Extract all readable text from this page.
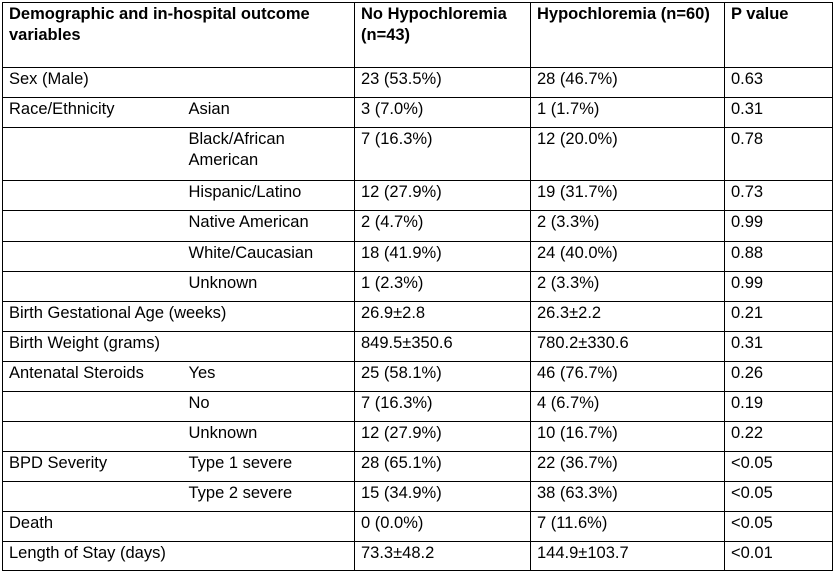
Demographic and in-hospital outcome variables		No Hypochloremia (n=43)	Hypochloremia (n=60)	P value
Sex (Male)		23 (53.5%)	28 (46.7%)	0.63
Race/Ethnicity	Asian	3 (7.0%)	1 (1.7%)	0.31
	Black/African American	7 (16.3%)	12 (20.0%)	0.78
	Hispanic/Latino	12 (27.9%)	19 (31.7%)	0.73
	Native American	2 (4.7%)	2 (3.3%)	0.99
	White/Caucasian	18 (41.9%)	24 (40.0%)	0.88
	Unknown	1 (2.3%)	2 (3.3%)	0.99
Birth Gestational Age (weeks)		26.9±2.8	26.3±2.2	0.21
Birth Weight (grams)		849.5±350.6	780.2±330.6	0.31
Antenatal Steroids	Yes	25 (58.1%)	46 (76.7%)	0.26
	No	7 (16.3%)	4 (6.7%)	0.19
	Unknown	12 (27.9%)	10 (16.7%)	0.22
BPD Severity	Type 1 severe	28 (65.1%)	22 (36.7%)	<0.05
	Type 2 severe	15 (34.9%)	38 (63.3%)	<0.05
Death		0 (0.0%)	7 (11.6%)	<0.05
Length of Stay (days)		73.3±48.2	144.9±103.7	<0.01
